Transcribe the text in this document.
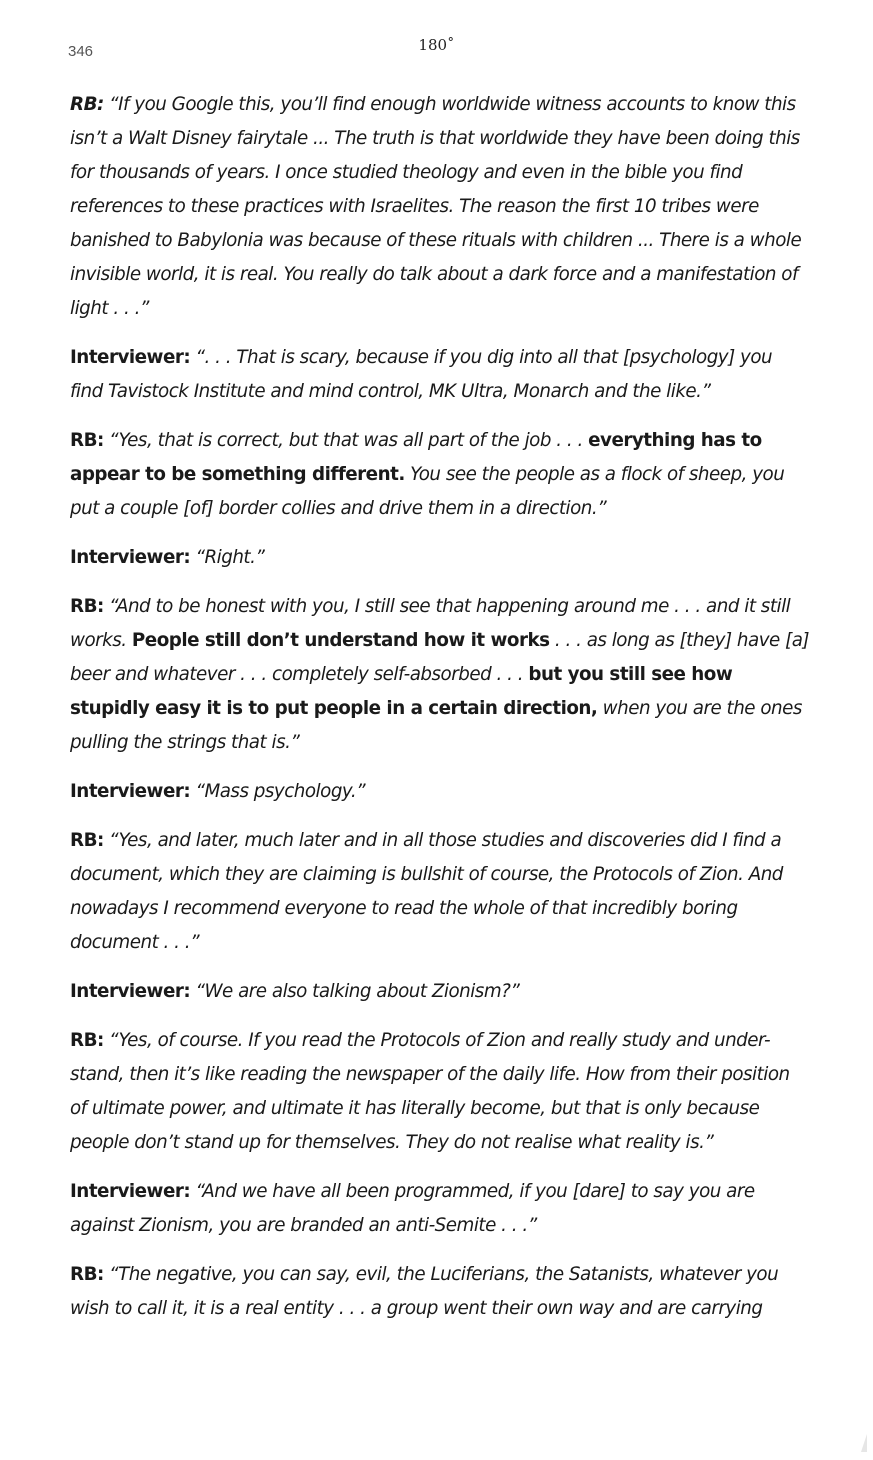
346	180˚

RB: “If you Google this, you’ll find enough worldwide witness accounts to know this isn’t a Walt Disney fairytale ... The truth is that worldwide they have been doing this for thousands of years. I once studied theology and even in the bible you find references to these practices with Israelites. The reason the first 10 tribes were banished to Babylonia was because of these rituals with children ... There is a whole invisible world, it is real. You really do talk about a dark force and a manifestation of light . . .”

Interviewer: “. . . That is scary, because if you dig into all that [psychology] you find Tavistock Institute and mind control, MK Ultra, Monarch and the like.”

RB: “Yes, that is correct, but that was all part of the job . . . everything has to appear to be something different. You see the people as a flock of sheep, you put a couple [of] border collies and drive them in a direction.”

Interviewer: “Right.”

RB: “And to be honest with you, I still see that happening around me . . . and it still works. People still don’t understand how it works . . . as long as [they] have [a] beer and whatever . . . completely self-absorbed . . . but you still see how stupidly easy it is to put people in a certain direction, when you are the ones pulling the strings that is.”

Interviewer: “Mass psychology.”

RB: “Yes, and later, much later and in all those studies and discoveries did I find a document, which they are claiming is bullshit of course, the Protocols of Zion. And nowadays I recommend everyone to read the whole of that incredibly boring document . . .”

Interviewer: “We are also talking about Zionism?”

RB: “Yes, of course. If you read the Protocols of Zion and really study and under-stand, then it’s like reading the newspaper of the daily life. How from their position of ultimate power, and ultimate it has literally become, but that is only because people don’t stand up for themselves. They do not realise what reality is.”

Interviewer: “And we have all been programmed, if you [dare] to say you are against Zionism, you are branded an anti-Semite . . .”

RB: “The negative, you can say, evil, the Luciferians, the Satanists, whatever you wish to call it, it is a real entity . . . a group went their own way and are carrying
